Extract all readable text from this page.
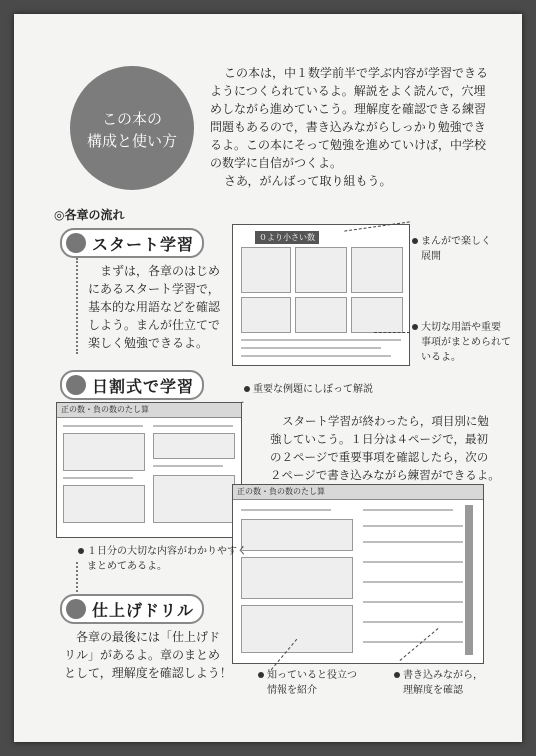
この本の
構成と使い方

この本は，中１数学前半で学ぶ内容が学習できる

ようにつくられているよ。解説をよく読んで，穴埋

めしながら進めていこう。理解度を確認できる練習

問題もあるので，書き込みながらしっかり勉強でき

るよ。この本にそって勉強を進めていけば，中学校

の数学に自信がつくよ。

さあ，がんばって取り組もう。

◎各章の流れ
スタート学習
まずは，各章のはじめ
にあるスタート学習で，
基本的な用語などを確認
しよう。まんが仕立てで
楽しく勉強できるよ。
０より小さい数	まんがで楽しく
展開
大切な用語や重要
事項がまとめられて
いるよ。
日割式で学習	重要な例題にしぼって解説
正の数・負の数のたし算
スタート学習が終わったら，項目別に勉
強していこう。１日分は４ページで，最初
の２ページで重要事項を確認したら，次の
２ページで書き込みながら練習ができるよ。
正の数・負の数のたし算
１日分の大切な内容がわかりやすく
まとめてあるよ。
仕上げドリル
各章の最後には「仕上げド
リル」があるよ。章のまとめ
として，理解度を確認しよう！	知っていると役立つ
情報を紹介
書き込みながら，
理解度を確認
